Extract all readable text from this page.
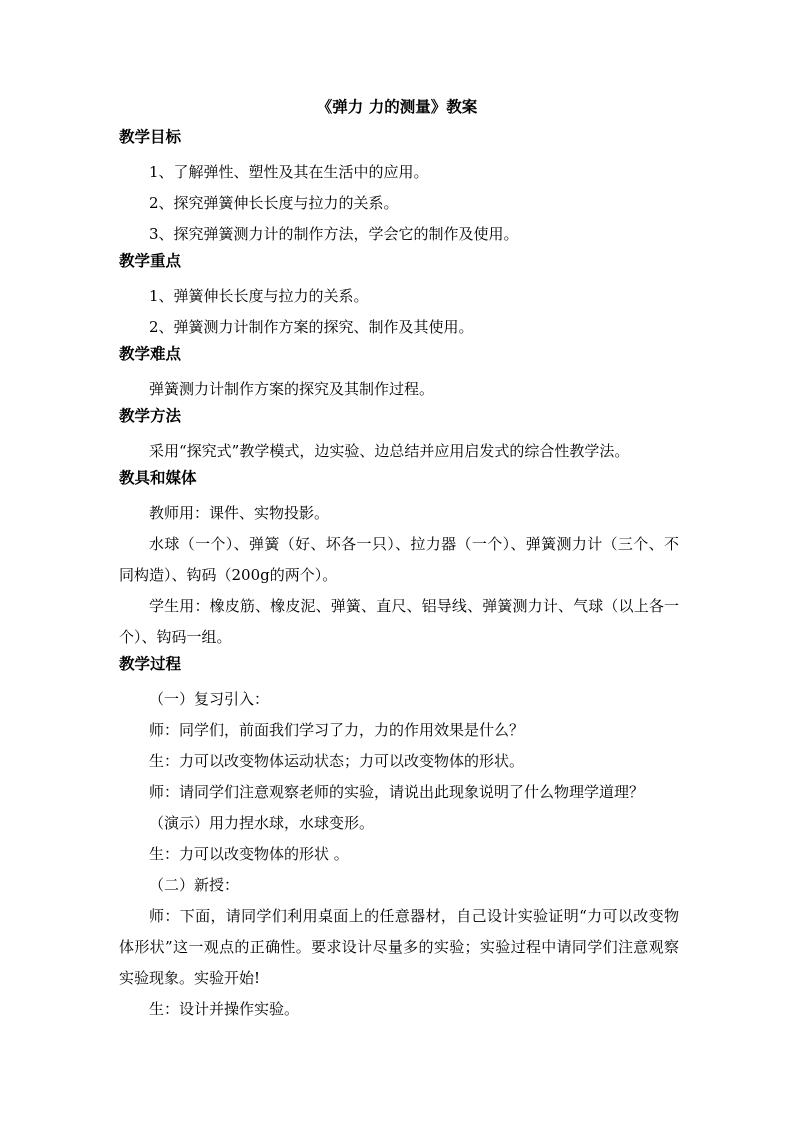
《弹力 力的测量》教案
教学目标
1、了解弹性、塑性及其在生活中的应用。
2、探究弹簧伸长长度与拉力的关系。
3、探究弹簧测力计的制作方法，学会它的制作及使用。
教学重点
1、弹簧伸长长度与拉力的关系。
2、弹簧测力计制作方案的探究、制作及其使用。
教学难点
弹簧测力计制作方案的探究及其制作过程。
教学方法
采用“探究式”教学模式，边实验、边总结并应用启发式的综合性教学法。
教具和媒体
教师用：课件、实物投影。
水球（一个）、弹簧（好、坏各一只）、拉力器（一个）、弹簧测力计（三个、不同构造）、钩码（200g的两个）。
学生用：橡皮筋、橡皮泥、弹簧、直尺、铝导线、弹簧测力计、气球（以上各一个）、钩码一组。
教学过程
（一）复习引入：
师：同学们，前面我们学习了力，力的作用效果是什么？
生：力可以改变物体运动状态；力可以改变物体的形状。
师：请同学们注意观察老师的实验，请说出此现象说明了什么物理学道理？
（演示）用力捏水球，水球变形。
生：力可以改变物体的形状 。
（二）新授：
师：下面，请同学们利用桌面上的任意器材，自己设计实验证明“力可以改变物体形状”这一观点的正确性。要求设计尽量多的实验；实验过程中请同学们注意观察实验现象。实验开始!
生：设计并操作实验。
